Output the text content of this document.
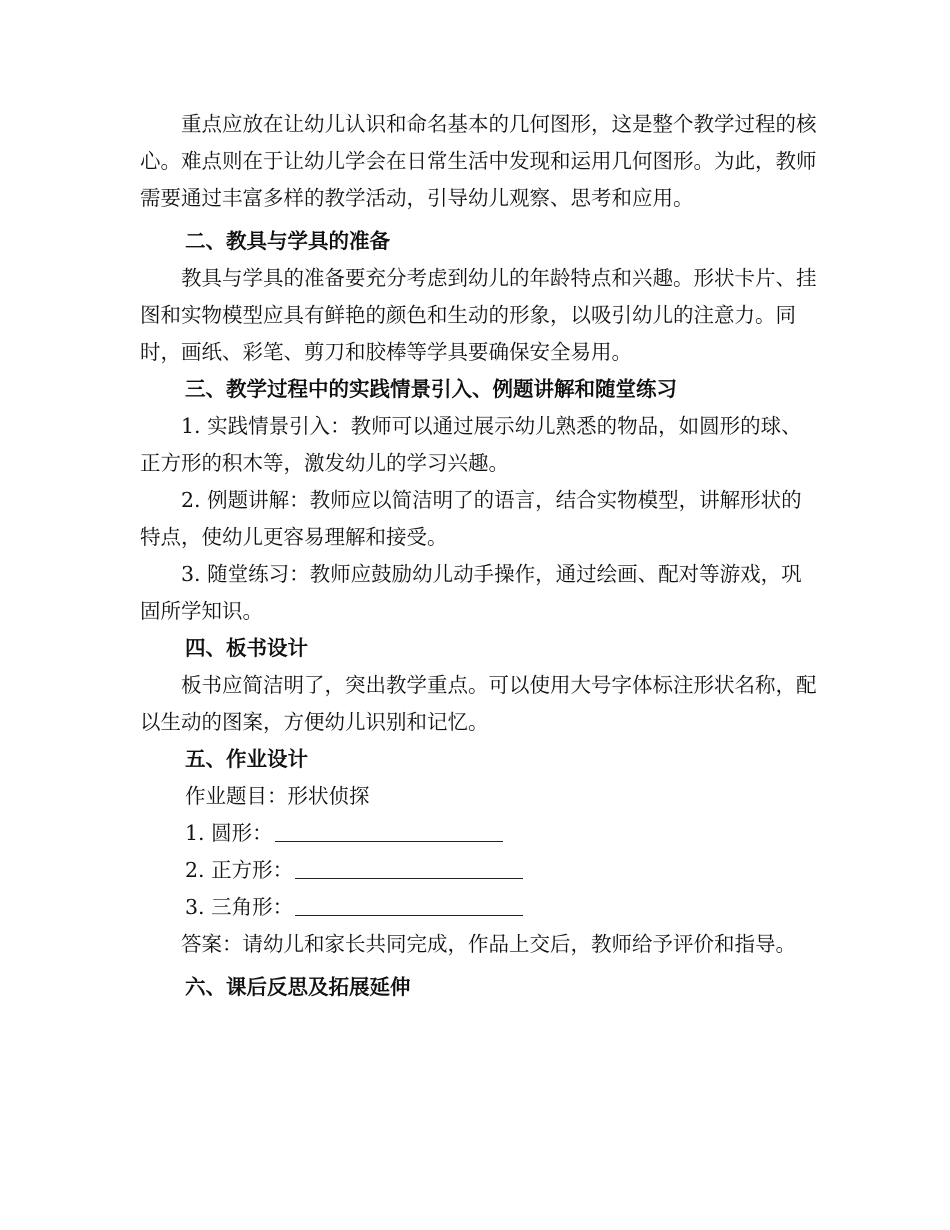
重点应放在让幼儿认识和命名基本的几何图形，这是整个教学过程的核心。难点则在于让幼儿学会在日常生活中发现和运用几何图形。为此，教师需要通过丰富多样的教学活动，引导幼儿观察、思考和应用。

二、教具与学具的准备

教具与学具的准备要充分考虑到幼儿的年龄特点和兴趣。形状卡片、挂图和实物模型应具有鲜艳的颜色和生动的形象，以吸引幼儿的注意力。同时，画纸、彩笔、剪刀和胶棒等学具要确保安全易用。

三、教学过程中的实践情景引入、例题讲解和随堂练习

1. 实践情景引入：教师可以通过展示幼儿熟悉的物品，如圆形的球、正方形的积木等，激发幼儿的学习兴趣。

2. 例题讲解：教师应以简洁明了的语言，结合实物模型，讲解形状的特点，使幼儿更容易理解和接受。

3. 随堂练习：教师应鼓励幼儿动手操作，通过绘画、配对等游戏，巩固所学知识。

四、板书设计

板书应简洁明了，突出教学重点。可以使用大号字体标注形状名称，配以生动的图案，方便幼儿识别和记忆。

五、作业设计

作业题目：形状侦探

1. 圆形：

2. 正方形：

3. 三角形：

答案：请幼儿和家长共同完成，作品上交后，教师给予评价和指导。

六、课后反思及拓展延伸
